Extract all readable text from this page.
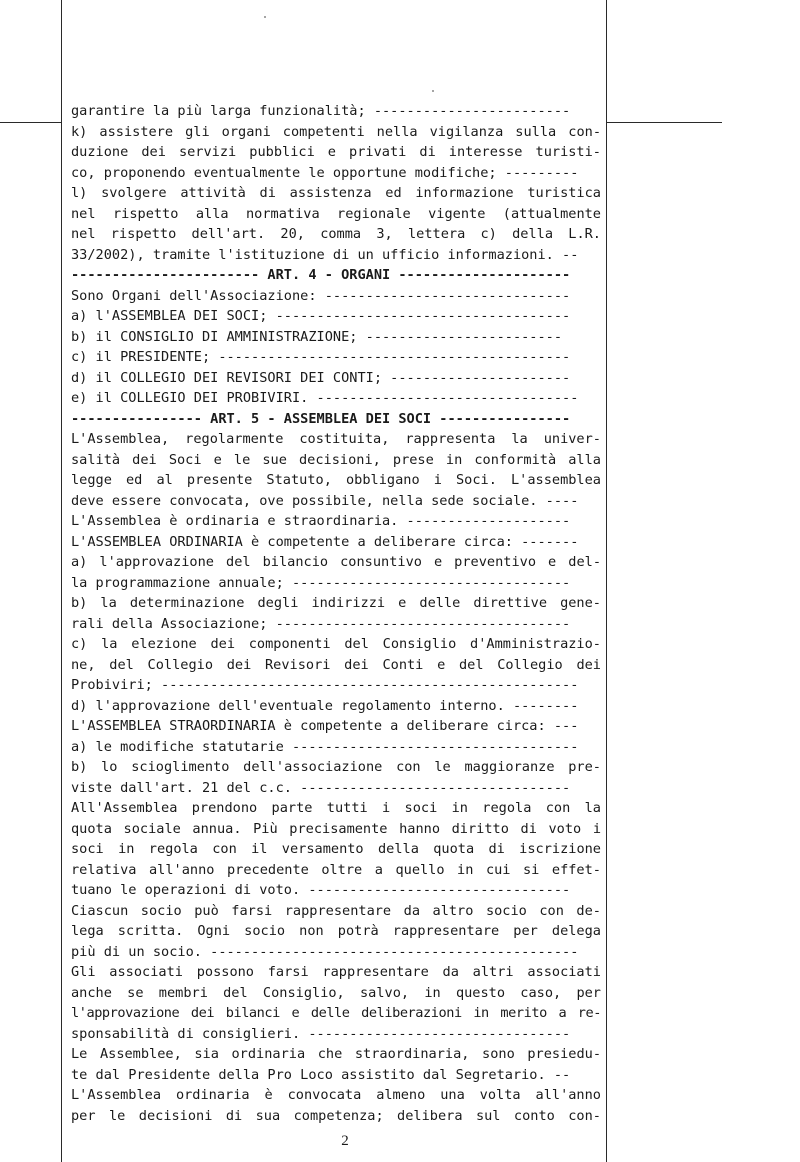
garantire la più larga funzionalità; ------------------------
k) assistere gli organi competenti nella vigilanza sulla con-
duzione dei servizi pubblici e privati di interesse turisti-
co, proponendo eventualmente le opportune modifiche; ---------
l) svolgere attività di assistenza ed informazione turistica
nel rispetto alla normativa regionale vigente (attualmente
nel rispetto dell'art. 20, comma 3, lettera c) della L.R.
33/2002), tramite l'istituzione di un ufficio informazioni. --
----------------------- ART. 4 - ORGANI ---------------------
Sono Organi dell'Associazione: ------------------------------
a) l'ASSEMBLEA DEI SOCI; ------------------------------------
b) il CONSIGLIO DI AMMINISTRAZIONE; ------------------------
c) il PRESIDENTE; -------------------------------------------
d) il COLLEGIO DEI REVISORI DEI CONTI; ----------------------
e) il COLLEGIO DEI PROBIVIRI. --------------------------------
---------------- ART. 5 - ASSEMBLEA DEI SOCI ----------------
L'Assemblea, regolarmente costituita, rappresenta la univer-
salità dei Soci e le sue decisioni, prese in conformità alla
legge ed al presente Statuto, obbligano i Soci. L'assemblea
deve essere convocata, ove possibile, nella sede sociale. ----
L'Assemblea è ordinaria e straordinaria. --------------------
L'ASSEMBLEA ORDINARIA è competente a deliberare circa: -------
a) l'approvazione del bilancio consuntivo e preventivo e del-
la programmazione annuale; ----------------------------------
b) la determinazione degli indirizzi e delle direttive gene-
rali della Associazione; ------------------------------------
c) la elezione dei componenti del Consiglio d'Amministrazio-
ne, del Collegio dei Revisori dei Conti e del Collegio dei
Probiviri; ---------------------------------------------------
d) l'approvazione dell'eventuale regolamento interno. --------
L'ASSEMBLEA STRAORDINARIA è competente a deliberare circa: ---
a) le modifiche statutarie -----------------------------------
b) lo scioglimento dell'associazione con le maggioranze pre-
viste dall'art. 21 del c.c. ---------------------------------
All'Assemblea prendono parte tutti i soci in regola con la
quota sociale annua. Più precisamente hanno diritto di voto i
soci in regola con il versamento della quota di iscrizione
relativa all'anno precedente oltre a quello in cui si effet-
tuano le operazioni di voto. --------------------------------
Ciascun socio può farsi rappresentare da altro socio con de-
lega scritta. Ogni socio non potrà rappresentare per delega
più di un socio. ---------------------------------------------
Gli associati possono farsi rappresentare da altri associati
anche se membri del Consiglio, salvo, in questo caso, per
l'approvazione dei bilanci e delle deliberazioni in merito a re-
sponsabilità di consiglieri. --------------------------------
Le Assemblee, sia ordinaria che straordinaria, sono presiedu-
te dal Presidente della Pro Loco assistito dal Segretario. --
L'Assemblea ordinaria è convocata almeno una volta all'anno
per le decisioni di sua competenza; delibera sul conto con-
2
